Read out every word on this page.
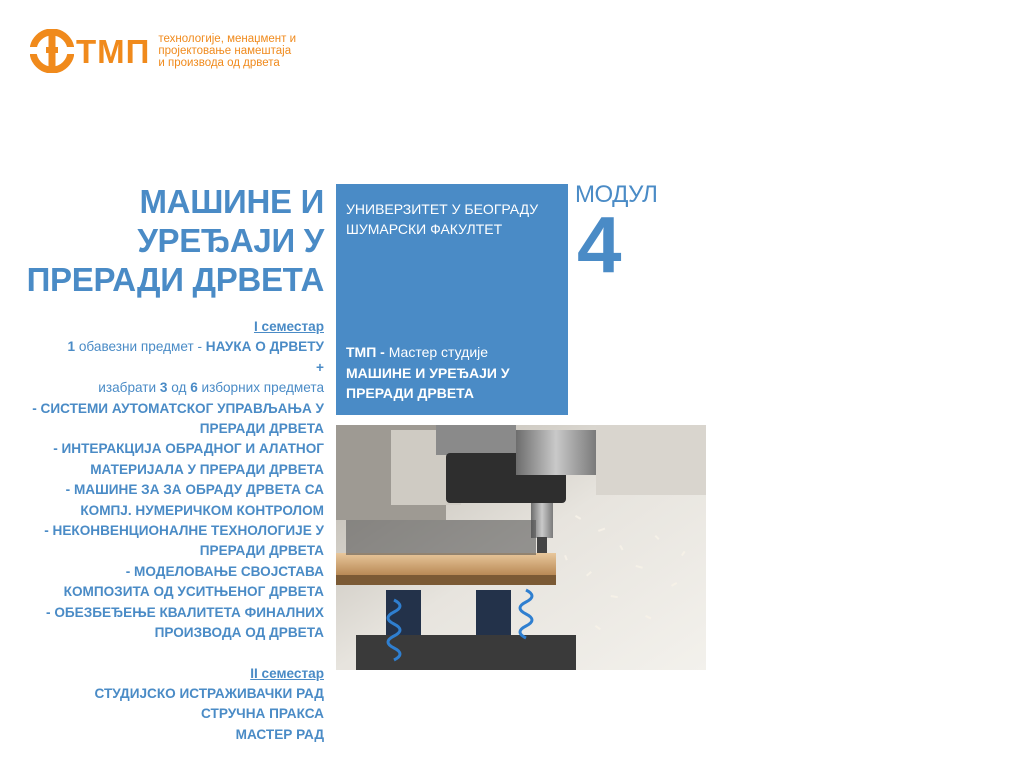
ТМП технологије, менаџмент и
пројектовање намештаја
и производа од дрвета
МАШИНЕ И
УРЕЂАЈИ У
ПРЕРАДИ ДРВЕТА
I семестар
1 обавезни предмет - НАУКА О ДРВЕТУ
+
изабрати 3 од 6 изборних предмета
- СИСТЕМИ АУТОМАТСКОГ УПРАВЉАЊА У
ПРЕРАДИ ДРВЕТА
- ИНТЕРАКЦИЈА ОБРАДНОГ И АЛАТНОГ
МАТЕРИЈАЛА У ПРЕРАДИ ДРВЕТА
- МАШИНЕ ЗА ЗА ОБРАДУ ДРВЕТА СА
КОМПЈ. НУМЕРИЧКОМ КОНТРОЛОМ
- НЕКОНВЕНЦИОНАЛНЕ ТЕХНОЛОГИЈЕ У
ПРЕРАДИ ДРВЕТА
- МОДЕЛОВАЊЕ СВОЈСТАВА
КОМПОЗИТА ОД УСИТЊЕНОГ ДРВЕТА
- ОБЕЗБЕЂЕЊЕ КВАЛИТЕТА ФИНАЛНИХ
ПРОИЗВОДА ОД ДРВЕТА
II семестар
СТУДИЈСКО ИСТРАЖИВАЧКИ РАД
СТРУЧНА ПРАКСА
МАСТЕР РАД
УНИВЕРЗИТЕТ У БЕОГРАДУ
ШУМАРСКИ ФАКУЛТЕТ
ТМП - Мастер студије
МАШИНЕ И УРЕЂАЈИ У
ПРЕРАДИ ДРВЕТА
МОДУЛ
4
